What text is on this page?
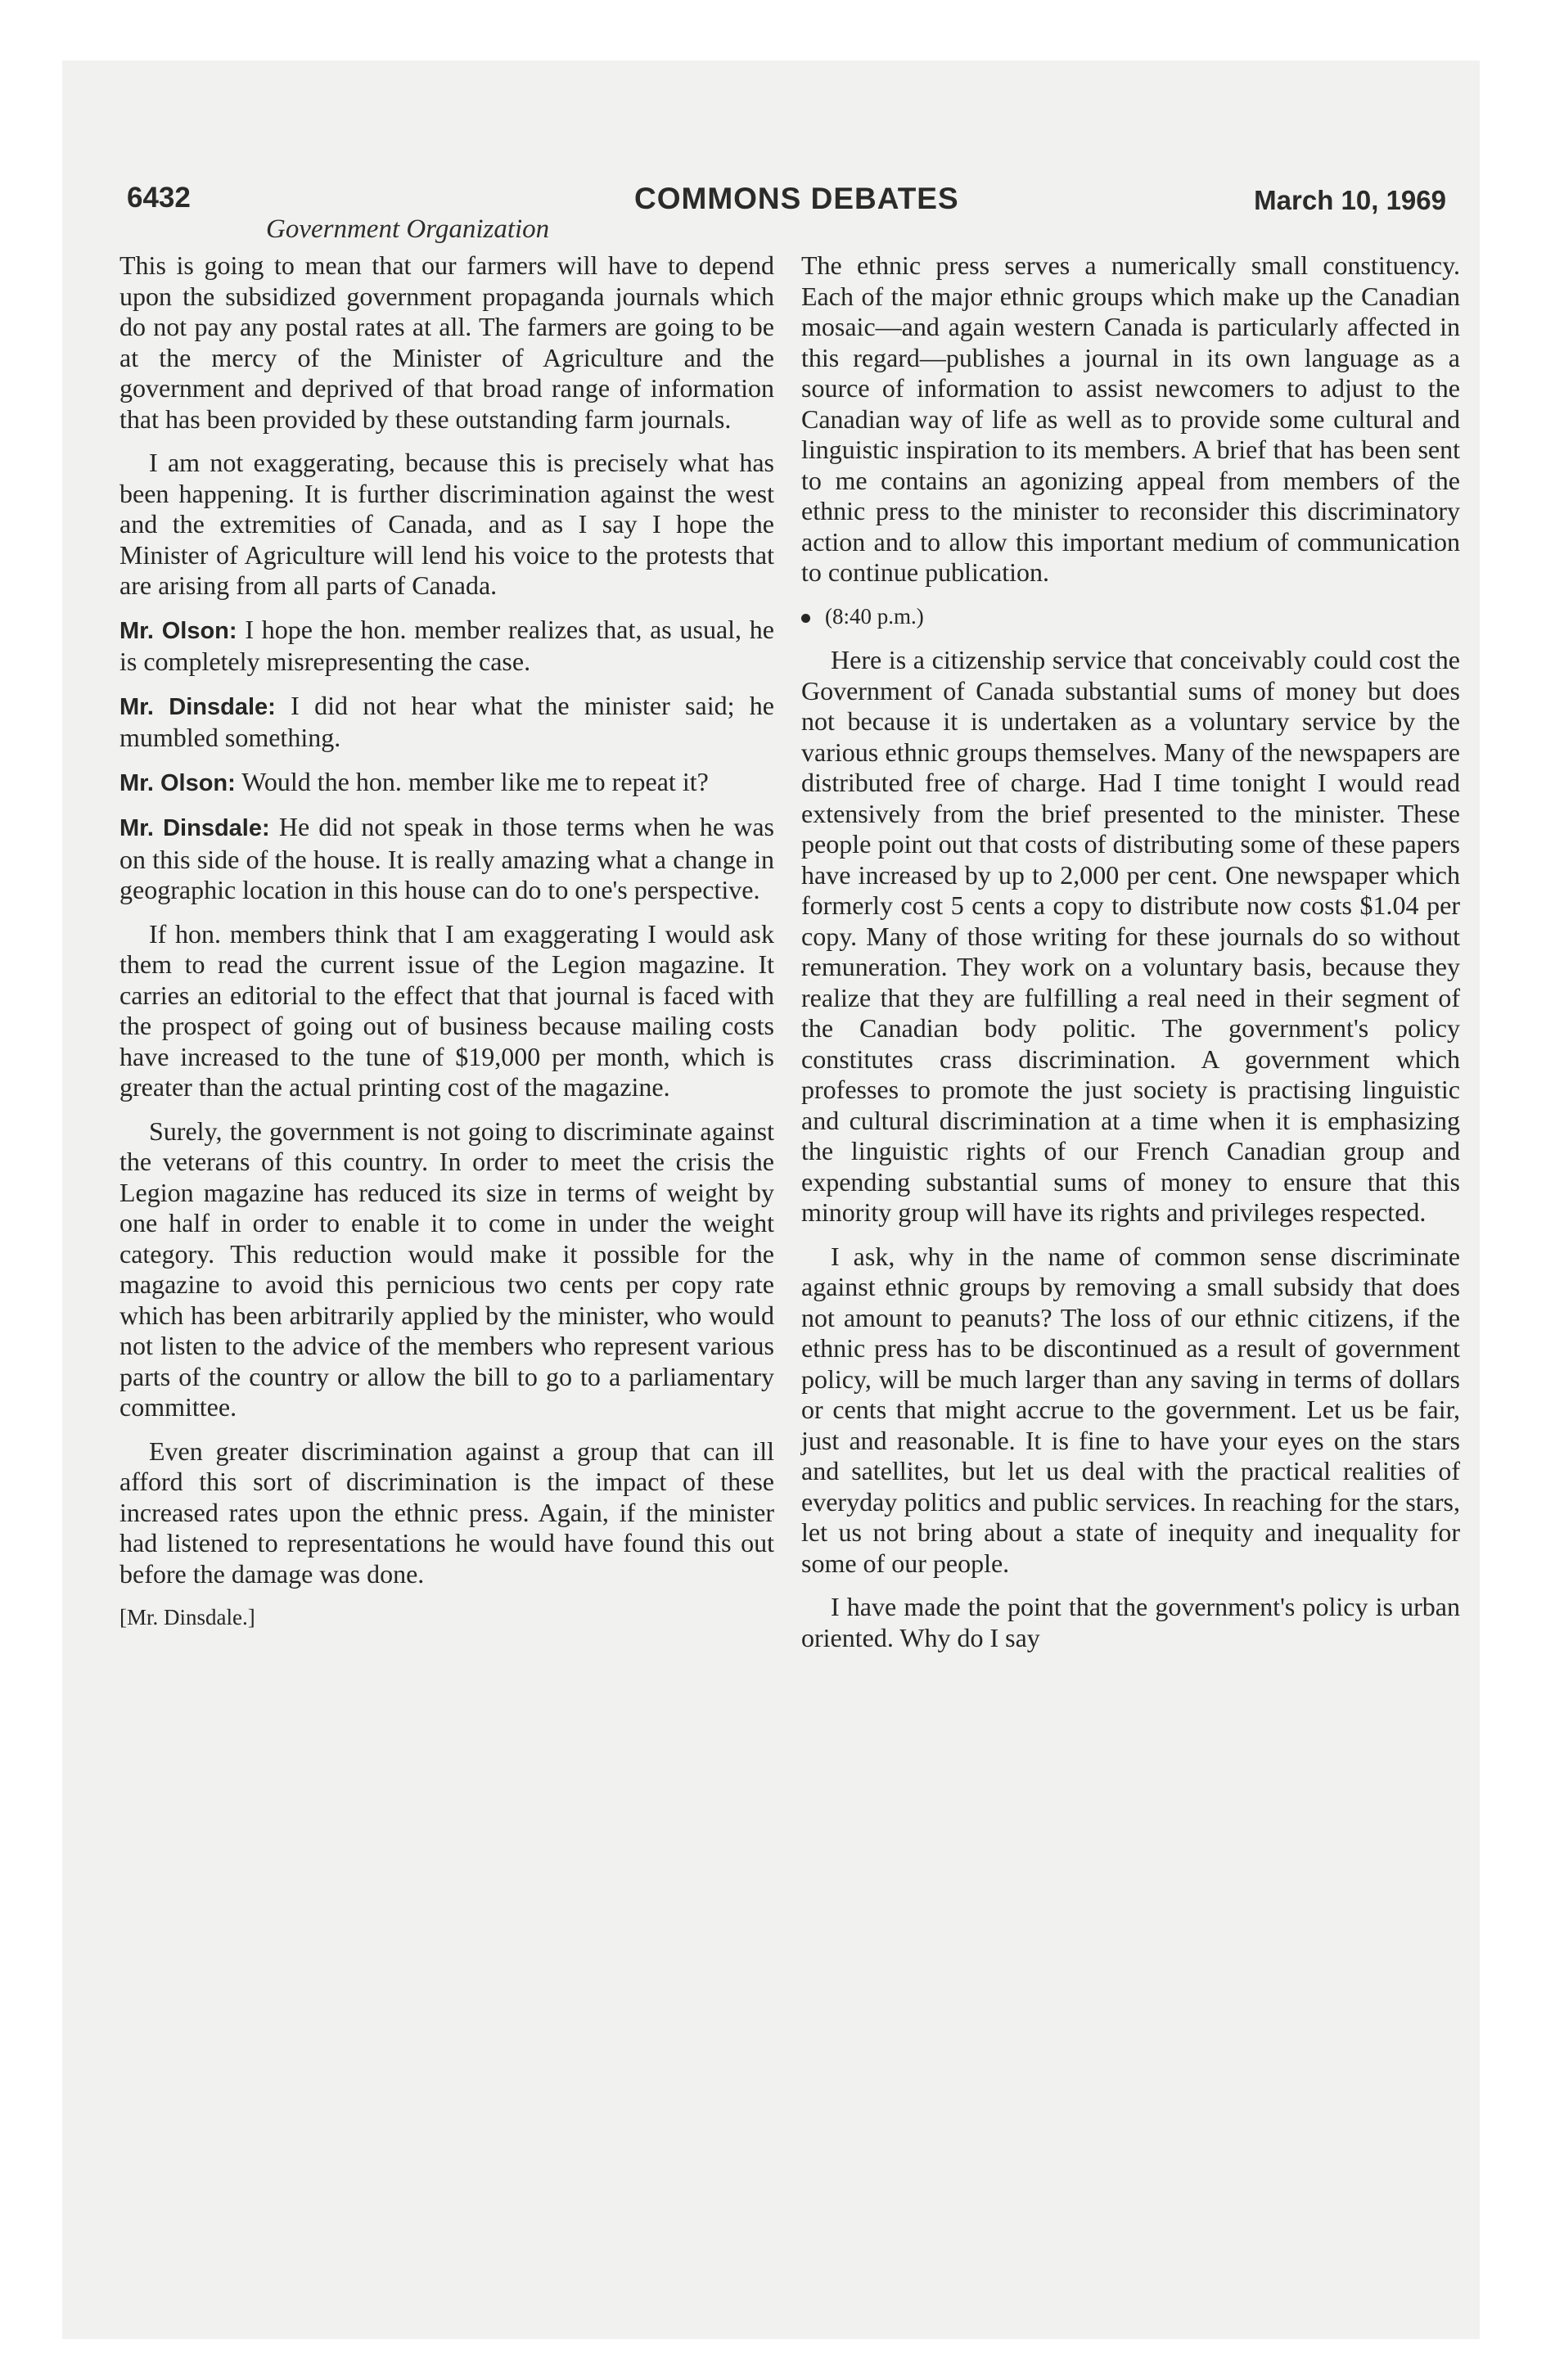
6432	COMMONS DEBATES	March 10, 1969
Government Organization

This is going to mean that our farmers will have to depend upon the subsidized government propaganda journals which do not pay any postal rates at all. The farmers are going to be at the mercy of the Minister of Agriculture and the government and deprived of that broad range of information that has been provided by these outstanding farm journals.

I am not exaggerating, because this is precisely what has been happening. It is further discrimination against the west and the extremities of Canada, and as I say I hope the Minister of Agriculture will lend his voice to the protests that are arising from all parts of Canada.

Mr. Olson: I hope the hon. member realizes that, as usual, he is completely misrepresenting the case.

Mr. Dinsdale: I did not hear what the minister said; he mumbled something.

Mr. Olson: Would the hon. member like me to repeat it?

Mr. Dinsdale: He did not speak in those terms when he was on this side of the house. It is really amazing what a change in geographic location in this house can do to one's perspective.

If hon. members think that I am exaggerating I would ask them to read the current issue of the Legion magazine. It carries an editorial to the effect that that journal is faced with the prospect of going out of business because mailing costs have increased to the tune of $19,000 per month, which is greater than the actual printing cost of the magazine.

Surely, the government is not going to discriminate against the veterans of this country. In order to meet the crisis the Legion magazine has reduced its size in terms of weight by one half in order to enable it to come in under the weight category. This reduction would make it possible for the magazine to avoid this pernicious two cents per copy rate which has been arbitrarily applied by the minister, who would not listen to the advice of the members who represent various parts of the country or allow the bill to go to a parliamentary committee.

Even greater discrimination against a group that can ill afford this sort of discrimination is the impact of these increased rates upon the ethnic press. Again, if the minister had listened to representations he would have found this out before the damage was done.

[Mr. Dinsdale.]

The ethnic press serves a numerically small constituency. Each of the major ethnic groups which make up the Canadian mosaic—and again western Canada is particularly affected in this regard—publishes a journal in its own language as a source of information to assist newcomers to adjust to the Canadian way of life as well as to provide some cultural and linguistic inspiration to its members. A brief that has been sent to me contains an agonizing appeal from members of the ethnic press to the minister to reconsider this discriminatory action and to allow this important medium of communication to continue publication.

(8:40 p.m.)

Here is a citizenship service that conceivably could cost the Government of Canada substantial sums of money but does not because it is undertaken as a voluntary service by the various ethnic groups themselves. Many of the newspapers are distributed free of charge. Had I time tonight I would read extensively from the brief presented to the minister. These people point out that costs of distributing some of these papers have increased by up to 2,000 per cent. One newspaper which formerly cost 5 cents a copy to distribute now costs $1.04 per copy. Many of those writing for these journals do so without remuneration. They work on a voluntary basis, because they realize that they are fulfilling a real need in their segment of the Canadian body politic. The government's policy constitutes crass discrimination. A government which professes to promote the just society is practising linguistic and cultural discrimination at a time when it is emphasizing the linguistic rights of our French Canadian group and expending substantial sums of money to ensure that this minority group will have its rights and privileges respected.

I ask, why in the name of common sense discriminate against ethnic groups by removing a small subsidy that does not amount to peanuts? The loss of our ethnic citizens, if the ethnic press has to be discontinued as a result of government policy, will be much larger than any saving in terms of dollars or cents that might accrue to the government. Let us be fair, just and reasonable. It is fine to have your eyes on the stars and satellites, but let us deal with the practical realities of everyday politics and public services. In reaching for the stars, let us not bring about a state of inequity and inequality for some of our people.

I have made the point that the government's policy is urban oriented. Why do I say
